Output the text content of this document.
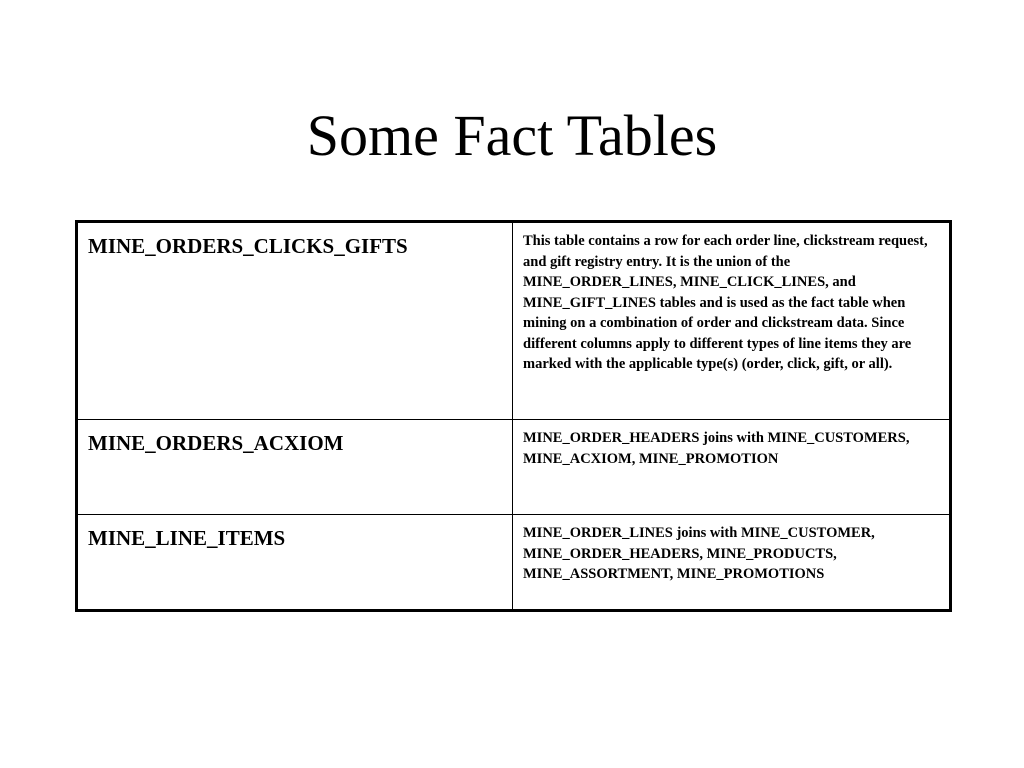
Some Fact Tables
MINE_ORDERS_CLICKS_GIFTS	This table contains a row for each order line, clickstream request, and gift registry entry. It is the union of the MINE_ORDER_LINES, MINE_CLICK_LINES, and MINE_GIFT_LINES tables and is used as the fact table when mining on a combination of order and clickstream data. Since different columns apply to different types of line items they are marked with the applicable type(s) (order, click, gift, or all).
MINE_ORDERS_ACXIOM	MINE_ORDER_HEADERS joins with MINE_CUSTOMERS, MINE_ACXIOM, MINE_PROMOTION
MINE_LINE_ITEMS	MINE_ORDER_LINES joins with MINE_CUSTOMER, MINE_ORDER_HEADERS, MINE_PRODUCTS, MINE_ASSORTMENT, MINE_PROMOTIONS
